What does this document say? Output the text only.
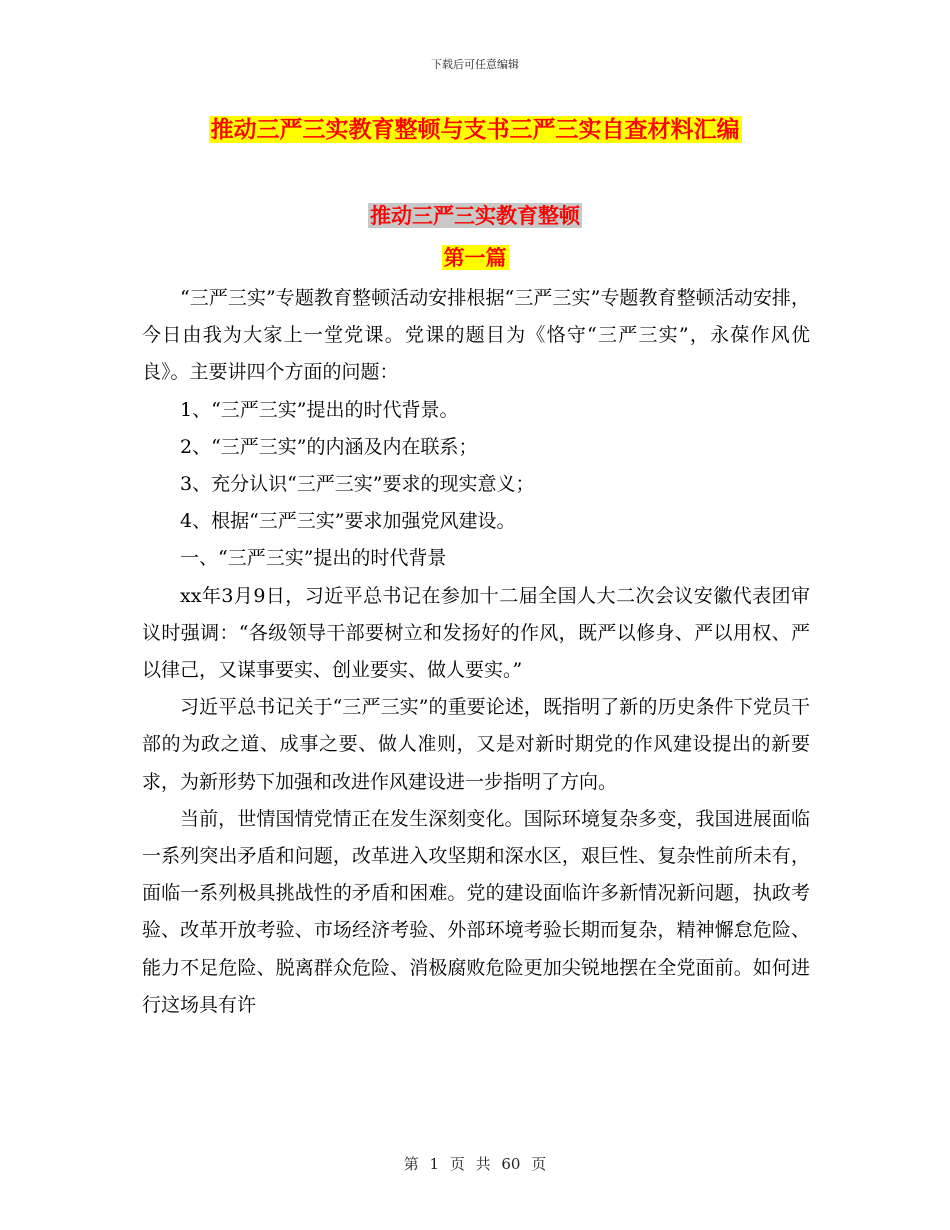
下载后可任意编辑
推动三严三实教育整顿与支书三严三实自查材料汇编
推动三严三实教育整顿
第一篇

“三严三实”专题教育整顿活动安排根据“三严三实”专题教育整顿活动安排，今日由我为大家上一堂党课。党课的题目为《恪守“三严三实”，永葆作风优良》。主要讲四个方面的问题：

1、“三严三实”提出的时代背景。

2、“三严三实”的内涵及内在联系；

3、充分认识“三严三实”要求的现实意义；

4、根据“三严三实”要求加强党风建设。

一、“三严三实”提出的时代背景

xx年3月9日，习近平总书记在参加十二届全国人大二次会议安徽代表团审议时强调：“各级领导干部要树立和发扬好的作风，既严以修身、严以用权、严以律己，又谋事要实、创业要实、做人要实。”

习近平总书记关于“三严三实”的重要论述，既指明了新的历史条件下党员干部的为政之道、成事之要、做人准则，又是对新时期党的作风建设提出的新要求，为新形势下加强和改进作风建设进一步指明了方向。

当前，世情国情党情正在发生深刻变化。国际环境复杂多变，我国进展面临一系列突出矛盾和问题，改革进入攻坚期和深水区，艰巨性、复杂性前所未有，面临一系列极具挑战性的矛盾和困难。党的建设面临许多新情况新问题，执政考验、改革开放考验、市场经济考验、外部环境考验长期而复杂，精神懈怠危险、能力不足危险、脱离群众危险、消极腐败危险更加尖锐地摆在全党面前。如何进行这场具有许

第 1 页 共 60 页
